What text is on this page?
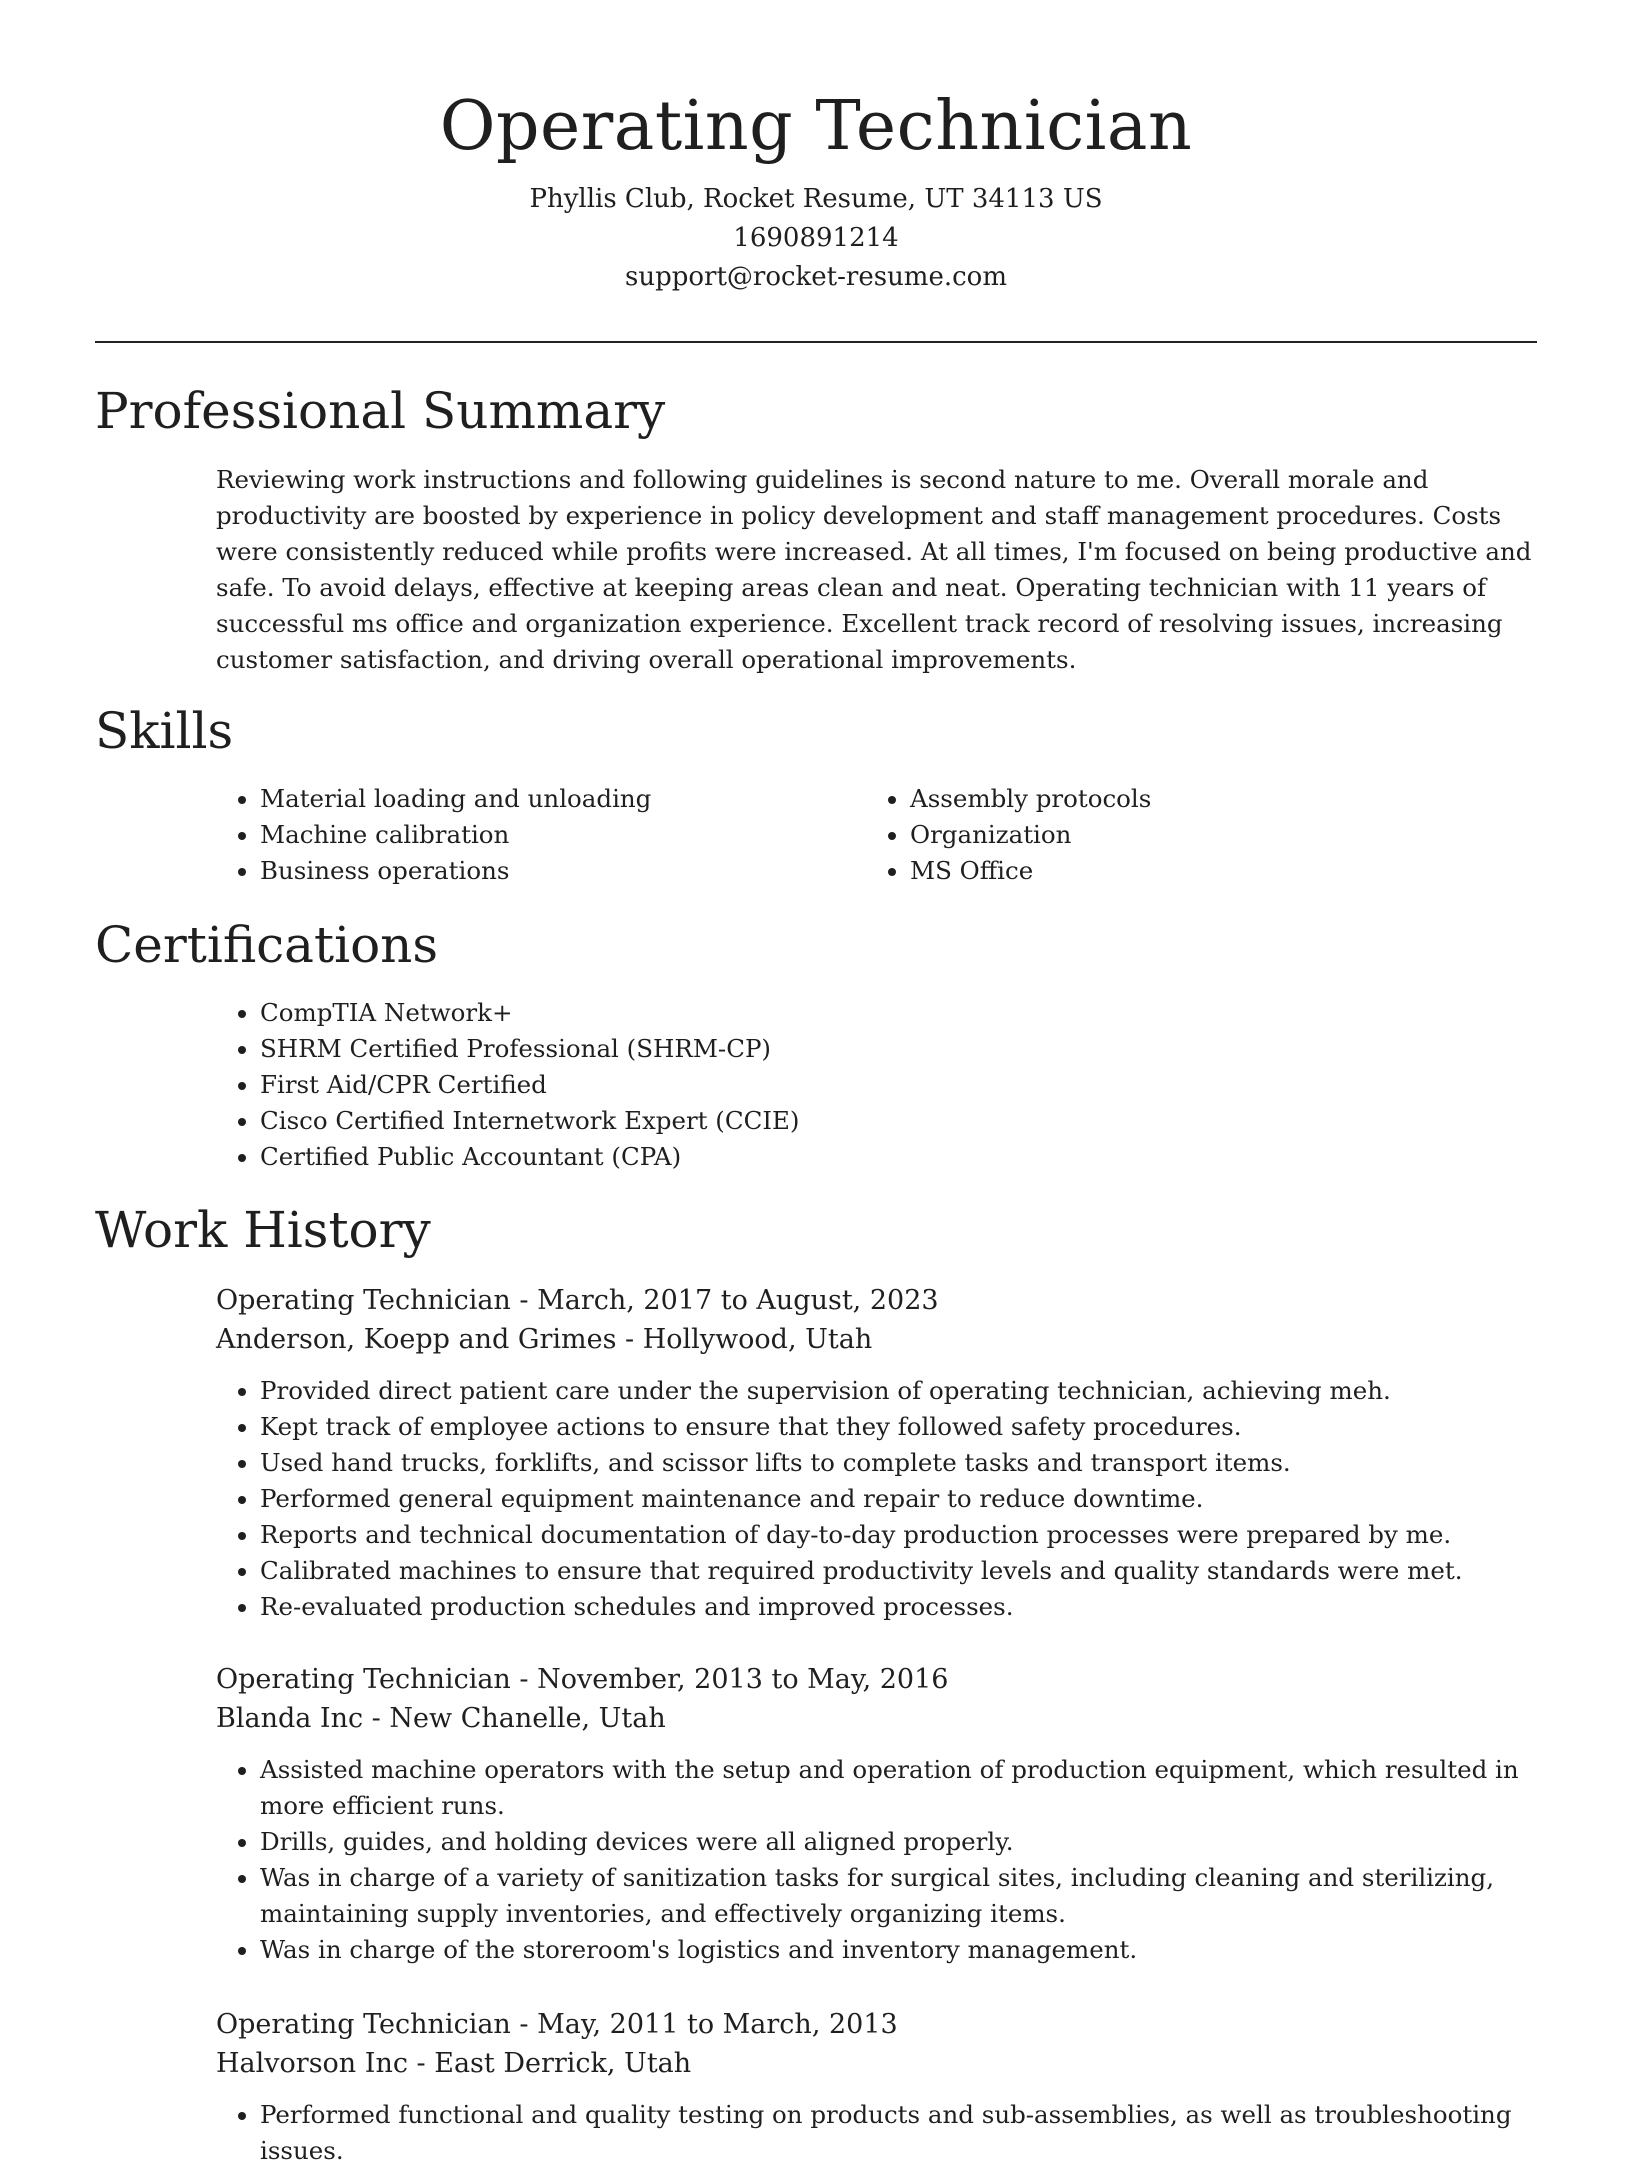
Operating Technician
Phyllis Club, Rocket Resume, UT 34113 US
1690891214
support@rocket-resume.com
Professional Summary

Reviewing work instructions and following guidelines is second nature to me. Overall morale and productivity are boosted by experience in policy development and staff management procedures. Costs were consistently reduced while profits were increased. At all times, I'm focused on being productive and safe. To avoid delays, effective at keeping areas clean and neat. Operating technician with 11 years of successful ms office and organization experience. Excellent track record of resolving issues, increasing customer satisfaction, and driving overall operational improvements.

Skills
• Material loading and unloading
• Machine calibration
• Business operations
• Assembly protocols
• Organization
• MS Office
Certifications
• CompTIA Network+
• SHRM Certified Professional (SHRM-CP)
• First Aid/CPR Certified
• Cisco Certified Internetwork Expert (CCIE)
• Certified Public Accountant (CPA)
Work History
Operating Technician - March, 2017 to August, 2023
Anderson, Koepp and Grimes - Hollywood, Utah
• Provided direct patient care under the supervision of operating technician, achieving meh.
• Kept track of employee actions to ensure that they followed safety procedures.
• Used hand trucks, forklifts, and scissor lifts to complete tasks and transport items.
• Performed general equipment maintenance and repair to reduce downtime.
• Reports and technical documentation of day-to-day production processes were prepared by me.
• Calibrated machines to ensure that required productivity levels and quality standards were met.
• Re-evaluated production schedules and improved processes.
Operating Technician - November, 2013 to May, 2016
Blanda Inc - New Chanelle, Utah
• Assisted machine operators with the setup and operation of production equipment, which resulted in more efficient runs.
• Drills, guides, and holding devices were all aligned properly.
• Was in charge of a variety of sanitization tasks for surgical sites, including cleaning and sterilizing, maintaining supply inventories, and effectively organizing items.
• Was in charge of the storeroom's logistics and inventory management.
Operating Technician - May, 2011 to March, 2013
Halvorson Inc - East Derrick, Utah
• Performed functional and quality testing on products and sub-assemblies, as well as troubleshooting issues.
